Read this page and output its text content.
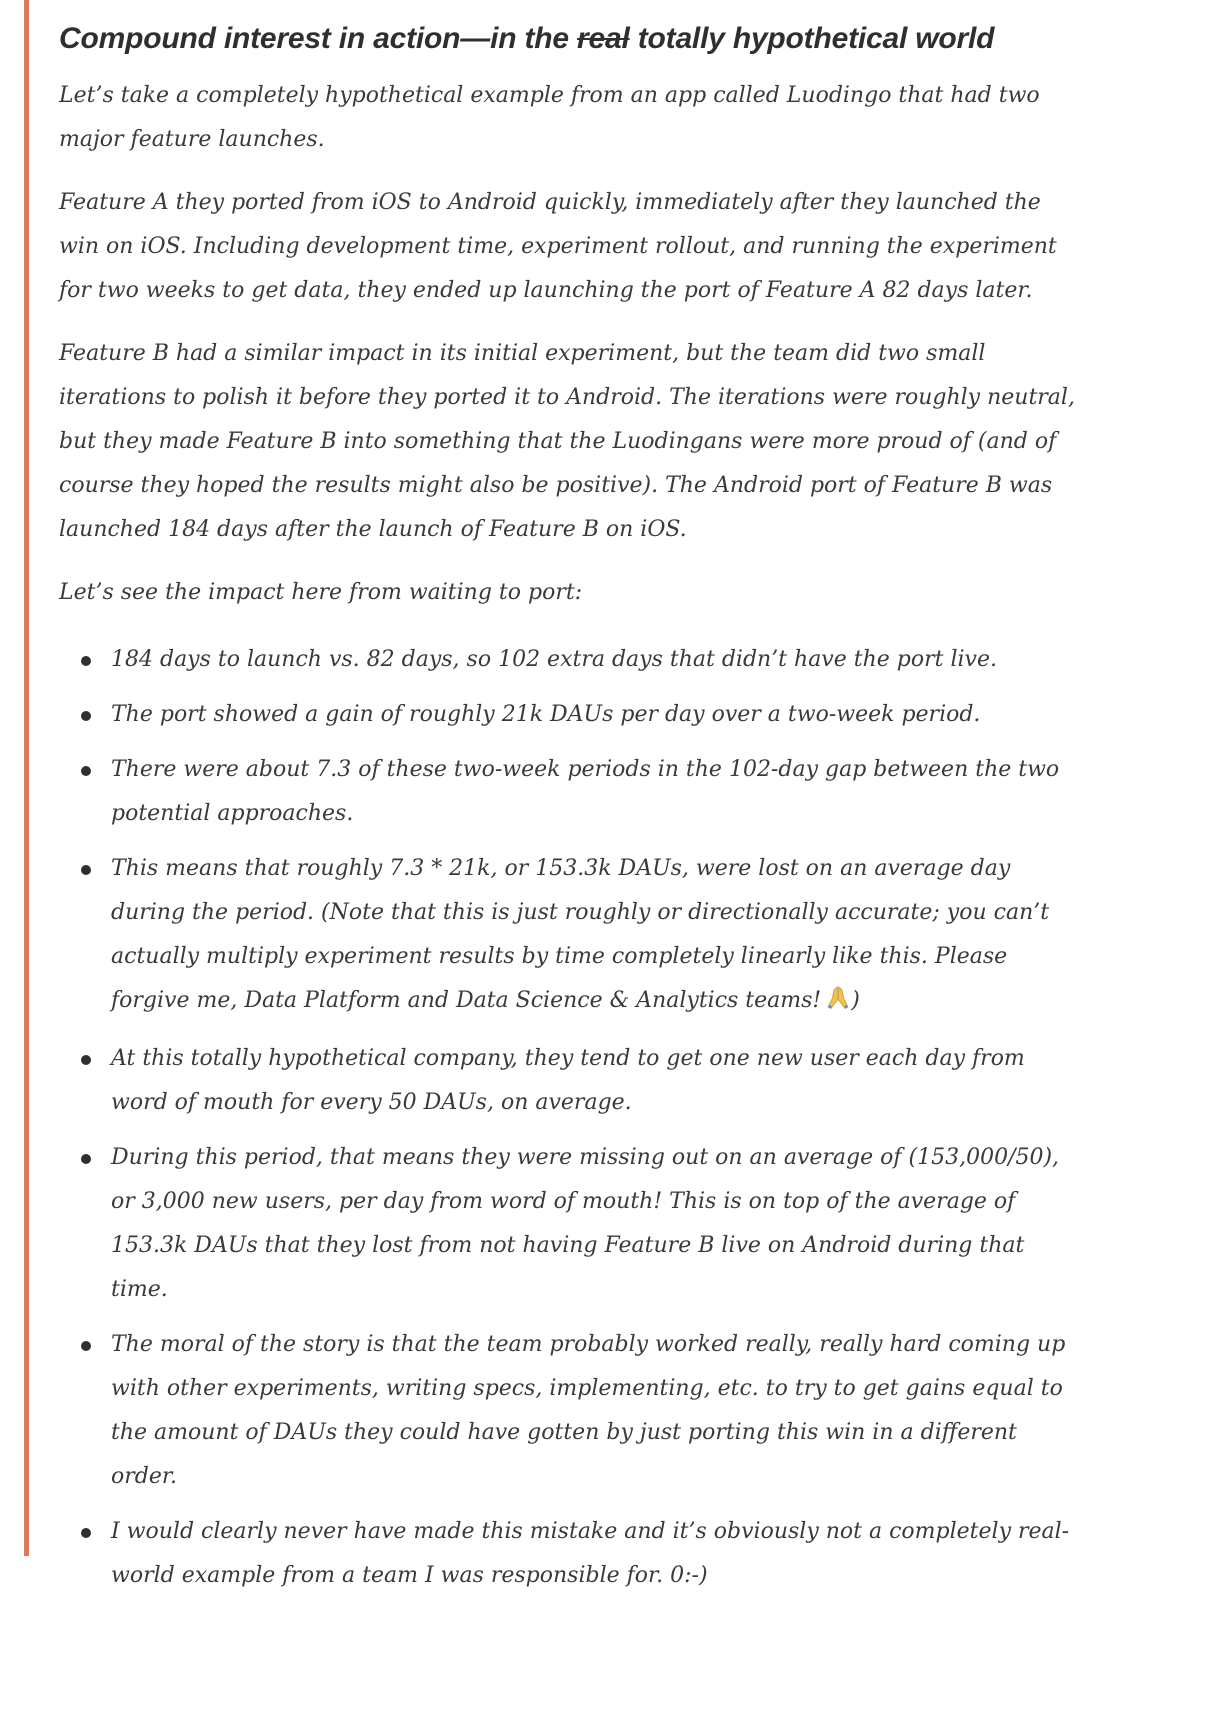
Compound interest in action—in the real totally hypothetical world

Let’s take a completely hypothetical example from an app called Luodingo that had two major feature launches.

Feature A they ported from iOS to Android quickly, immediately after they launched the win on iOS. Including development time, experiment rollout, and running the experiment for two weeks to get data, they ended up launching the port of Feature A 82 days later.

Feature B had a similar impact in its initial experiment, but the team did two small iterations to polish it before they ported it to Android. The iterations were roughly neutral, but they made Feature B into something that the Luodingans were more proud of (and of course they hoped the results might also be positive). The Android port of Feature B was launched 184 days after the launch of Feature B on iOS.

Let’s see the impact here from waiting to port:

184 days to launch vs. 82 days, so 102 extra days that didn’t have the port live.
The port showed a gain of roughly 21k DAUs per day over a two-week period.
There were about 7.3 of these two-week periods in the 102-day gap between the two potential approaches.
This means that roughly 7.3 * 21k, or 153.3k DAUs, were lost on an average day during the period. (Note that this is just roughly or directionally accurate; you can’t actually multiply experiment results by time completely linearly like this. Please forgive me, Data Platform and Data Science & Analytics teams! )
At this totally hypothetical company, they tend to get one new user each day from word of mouth for every 50 DAUs, on average.
During this period, that means they were missing out on an average of (153,000/50), or 3,000 new users, per day from word of mouth! This is on top of the average of 153.3k DAUs that they lost from not having Feature B live on Android during that time.
The moral of the story is that the team probably worked really, really hard coming up with other experiments, writing specs, implementing, etc. to try to get gains equal to the amount of DAUs they could have gotten by just porting this win in a different order.
I would clearly never have made this mistake and it’s obviously not a completely real-world example from a team I was responsible for. 0:-)
